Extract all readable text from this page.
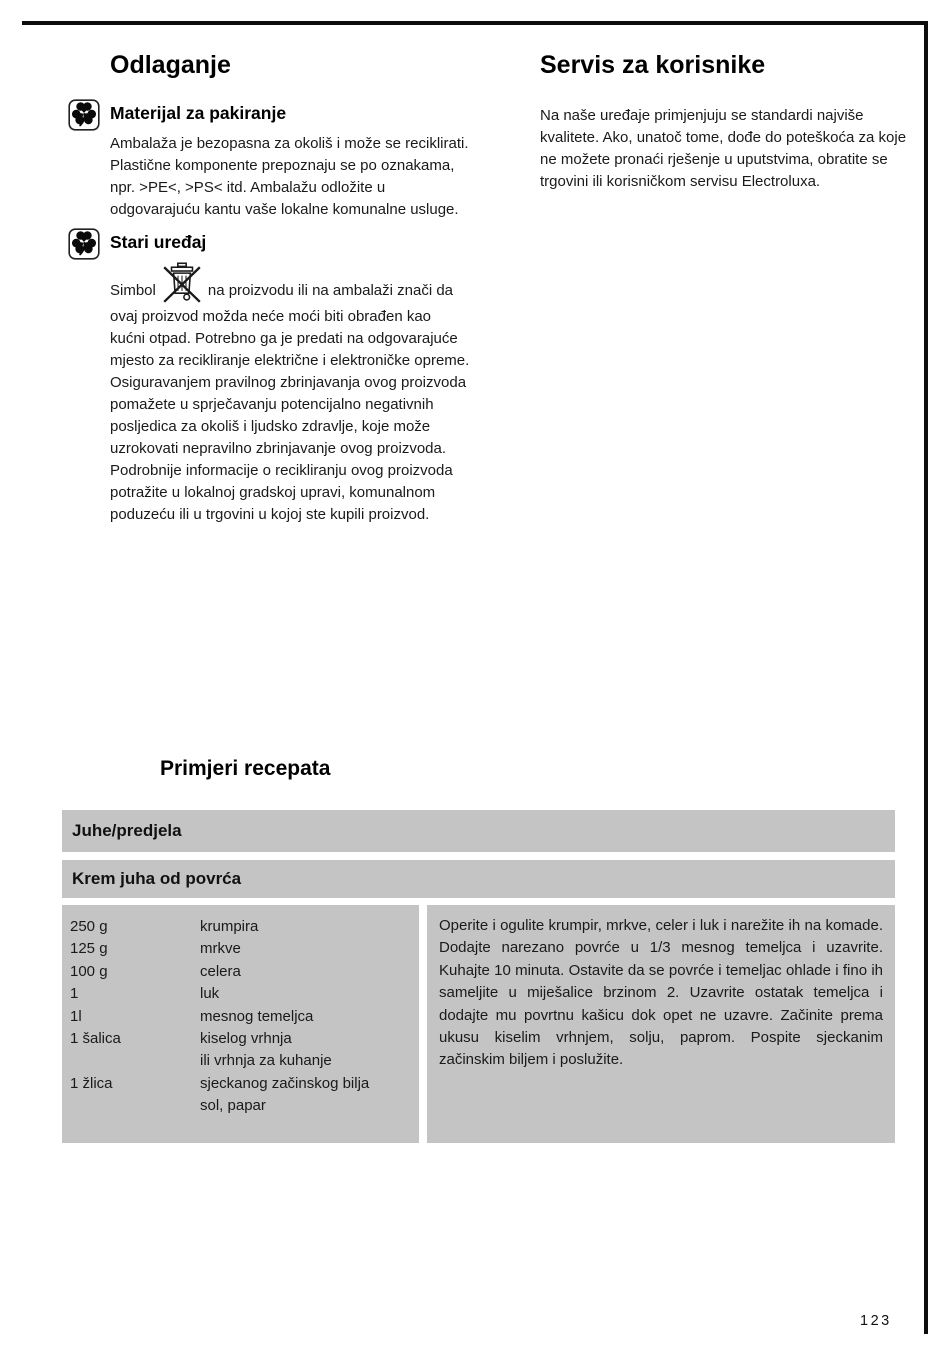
Odlaganje
Materijal za pakiranje

Ambalaža je bezopasna za okoliš i može se reciklirati. Plastične komponente prepoznaju se po oznakama, npr. >PE<, >PS< itd. Ambalažu odložite u odgovarajuću kantu vaše lokalne komunalne usluge.

Stari uređaj

Simbol	na proizvodu ili na ambalaži znači da ovaj proizvod možda neće moći biti obrađen kao kućni otpad. Potrebno ga je predati na odgovarajuće mjesto za recikliranje električne i elektroničke opreme. Osiguravanjem pravilnog zbrinjavanja ovog proizvoda pomažete u sprječavanju potencijalno negativnih posljedica za okoliš i ljudsko zdravlje, koje može uzrokovati nepravilno zbrinjavanje ovog proizvoda. Podrobnije informacije o recikliranju ovog proizvoda potražite u lokalnoj gradskoj upravi, komunalnom poduzeću ili u trgovini u kojoj ste kupili proizvod.

Servis za korisnike

Na naše uređaje primjenjuju se standardi najviše kvalitete. Ako, unatoč tome, dođe do poteškoća za koje ne možete pronaći rješenje u uputstvima, obratite se trgovini ili korisničkom servisu Electroluxa.

Primjeri recepata
Juhe/predjela
Krem juha od povrća
250 g	krumpira
125 g	mrkve
100 g	celera
1	luk
1l	mesnog temeljca
1 šalica	kiselog vrhnja
ili vrhnja za kuhanje
1 žlica	sjeckanog začinskog bilja
sol, papar

Operite i ogulite krumpir, mrkve, celer i luk i narežite ih na komade. Dodajte narezano povrće u 1/3 mesnog temeljca i uzavrite. Kuhajte 10 minuta. Ostavite da se povrće i temeljac ohlade i fino ih sameljite u miješalice brzinom 2. Uzavrite ostatak temeljca i dodajte mu povrtnu kašicu dok opet ne uzavre. Začinite prema ukusu kiselim vrhnjem, solju, paprom. Pospite sjeckanim začinskim biljem i poslužite.

123
